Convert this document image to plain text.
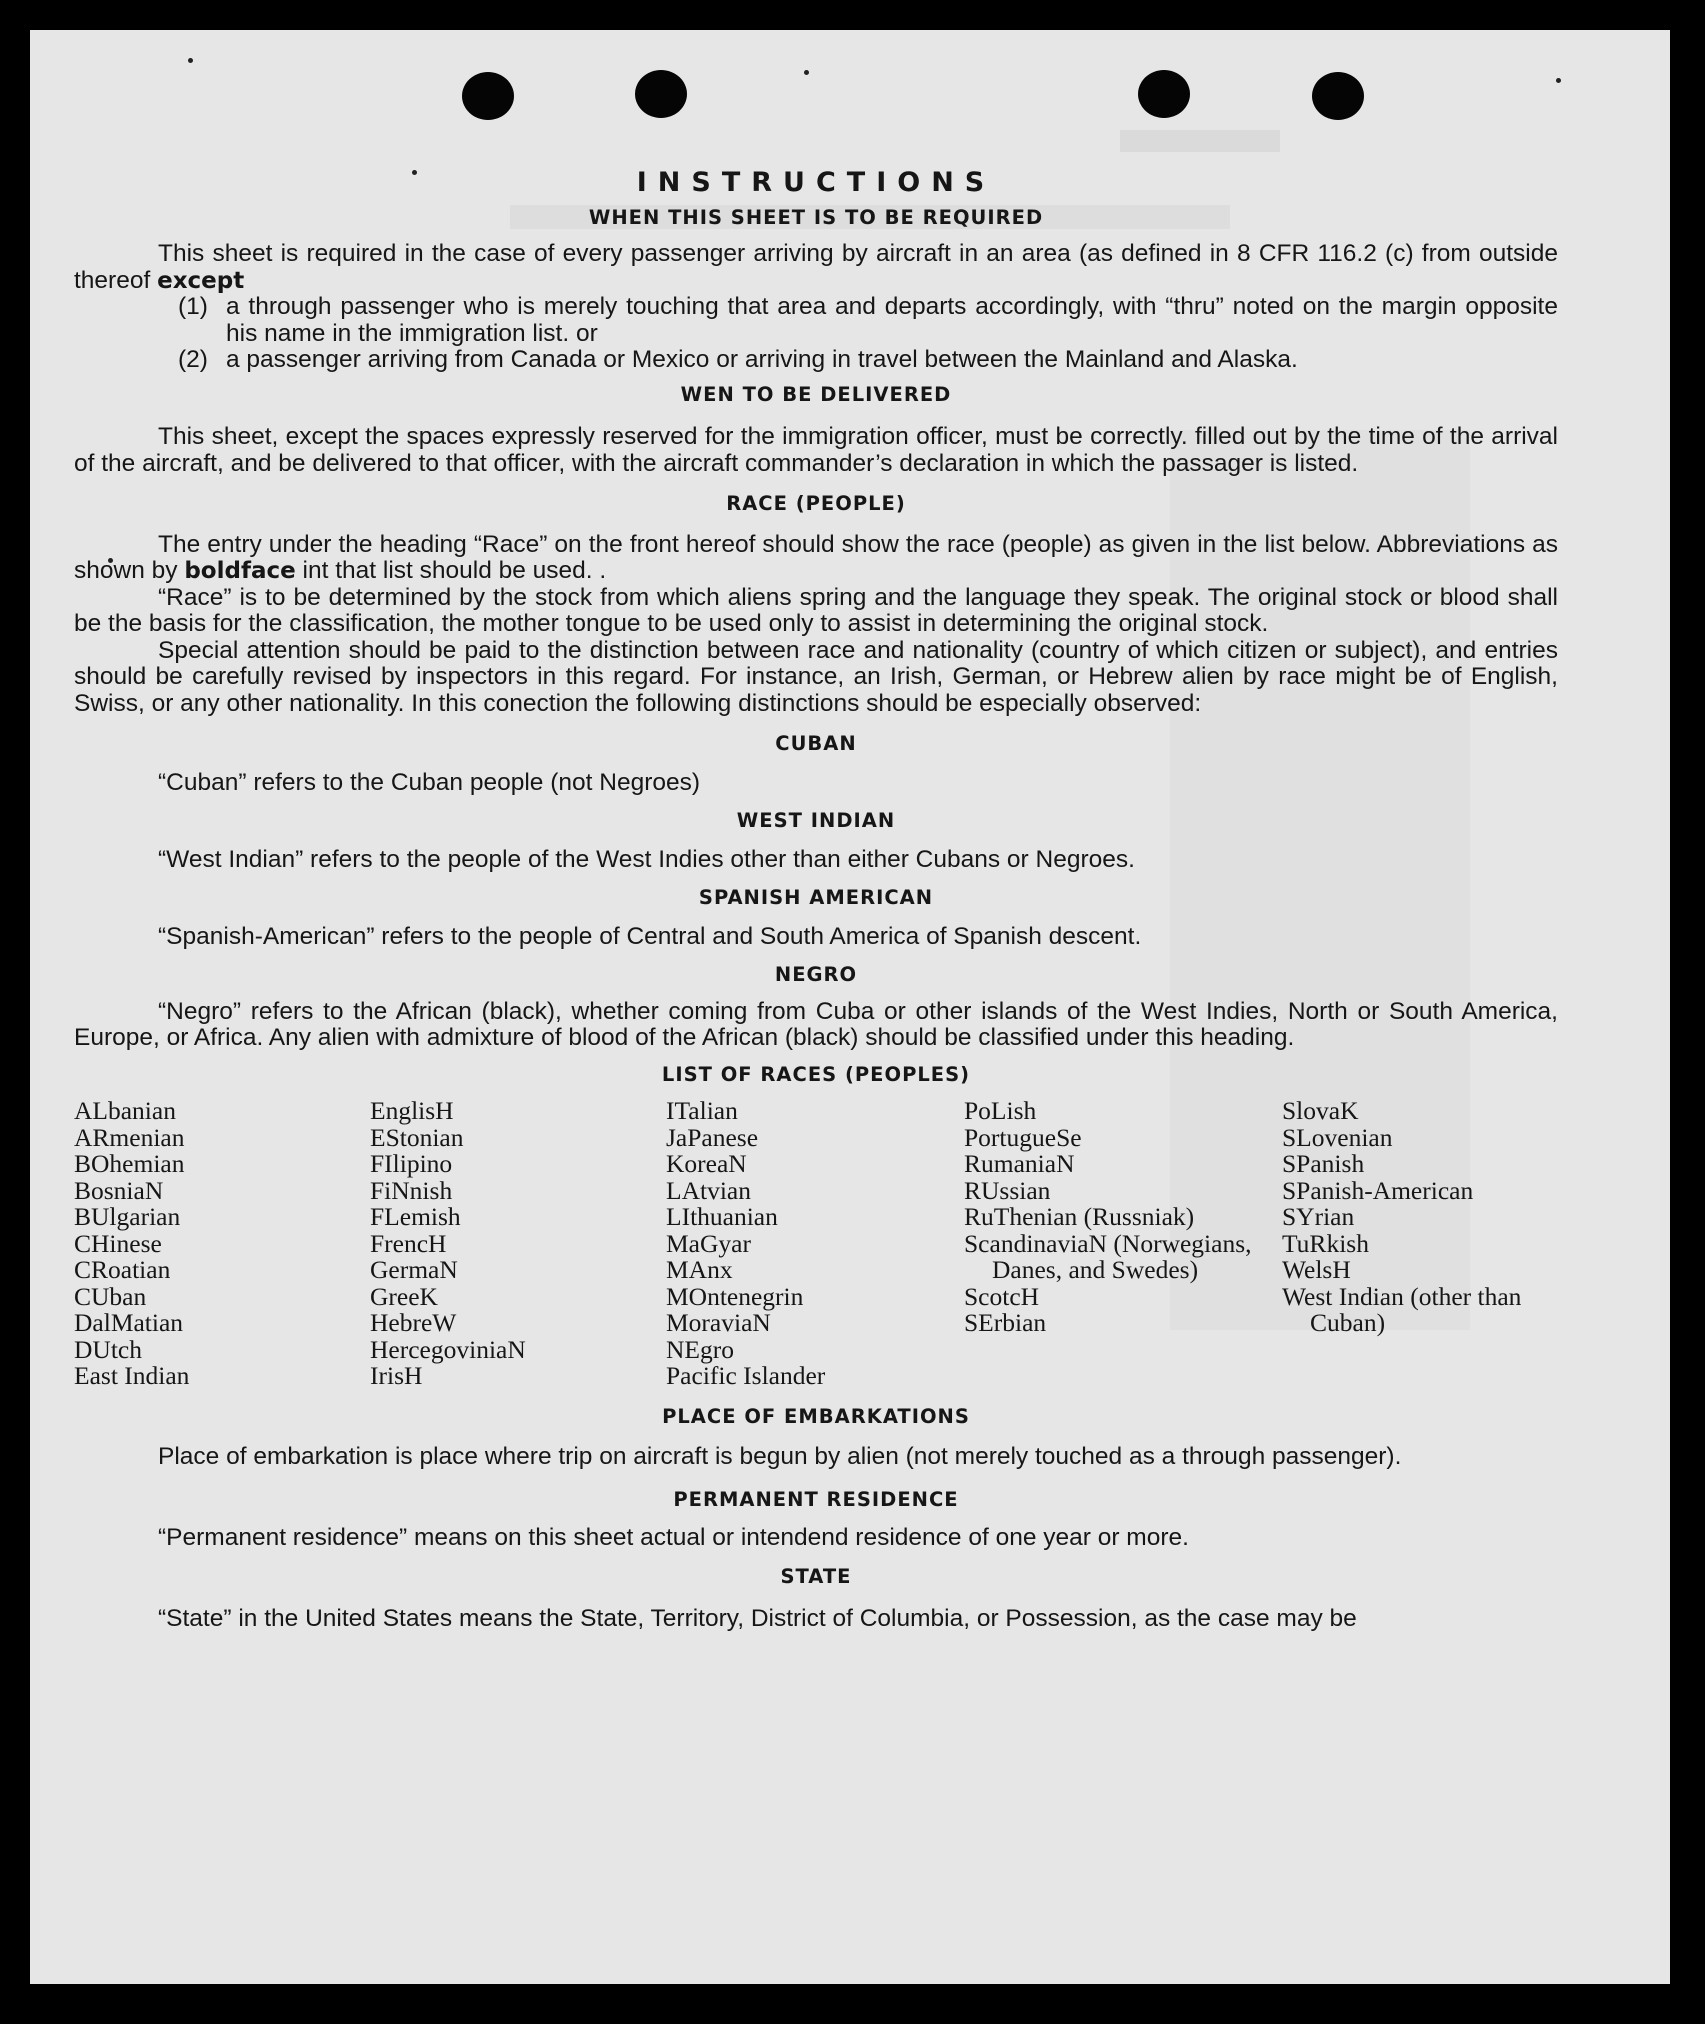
INSTRUCTIONS
WHEN THIS SHEET IS TO BE REQUIRED

This sheet is required in the case of every passenger arriving by aircraft in an area (as defined in 8 CFR 116.2 (c) from outside thereof except

(1) a through passenger who is merely touching that area and departs accordingly, with “thru” noted on the margin opposite his name in the immigration list. or
(2) a passenger arriving from Canada or Mexico or arriving in travel between the Mainland and Alaska.
WEN TO BE DELIVERED

This sheet, except the spaces expressly reserved for the immigration officer, must be correctly. filled out by the time of the arrival of the aircraft, and be delivered to that officer, with the aircraft commander’s declaration in which the passager is listed.

RACE (PEOPLE)

The entry under the heading “Race” on the front hereof should show the race (people) as given in the list below. Abbreviations as shown by boldface int that list should be used. .

“Race” is to be determined by the stock from which aliens spring and the language they speak. The original stock or blood shall be the basis for the classification, the mother tongue to be used only to assist in determining the original stock.

Special attention should be paid to the distinction between race and nationality (country of which citizen or subject), and entries should be carefully revised by inspectors in this regard. For instance, an Irish, German, or Hebrew alien by race might be of English, Swiss, or any other nationality. In this conection the following distinctions should be especially observed:

CUBAN

“Cuban” refers to the Cuban people (not Negroes)

WEST INDIAN

“West Indian” refers to the people of the West Indies other than either Cubans or Negroes.

SPANISH AMERICAN

“Spanish-American” refers to the people of Central and South America of Spanish descent.

NEGRO

“Negro” refers to the African (black), whether coming from Cuba or other islands of the West Indies, North or South America, Europe, or Africa. Any alien with admixture of blood of the African (black) should be classified under this heading.

LIST OF RACES (PEOPLES)
ALbanian
ARmenian
BOhemian
BosniaN
BUlgarian
CHinese
CRoatian
CUban
DalMatian
DUtch
East Indian
EnglisH
EStonian
FIlipino
FiNnish
FLemish
FrencH
GermaN
GreeK
HebreW
HercegoviniaN
IrisH
ITalian
JaPanese
KoreaN
LAtvian
LIthuanian
MaGyar
MAnx
MOntenegrin
MoraviaN
NEgro
Pacific Islander
PoLish
PortugueSe
RumaniaN
RUssian
RuThenian (Russniak)
ScandinaviaN (Norwegians, Danes, and Swedes)
ScotcH
SErbian
SlovaK
SLovenian
SPanish
SPanish-American
SYrian
TuRkish
WelsH
West Indian (other than Cuban)
PLACE OF EMBARKATIONS

Place of embarkation is place where trip on aircraft is begun by alien (not merely touched as a through passenger).

PERMANENT RESIDENCE

“Permanent residence” means on this sheet actual or intendend residence of one year or more.

STATE

“State” in the United States means the State, Territory, District of Columbia, or Possession, as the case may be
